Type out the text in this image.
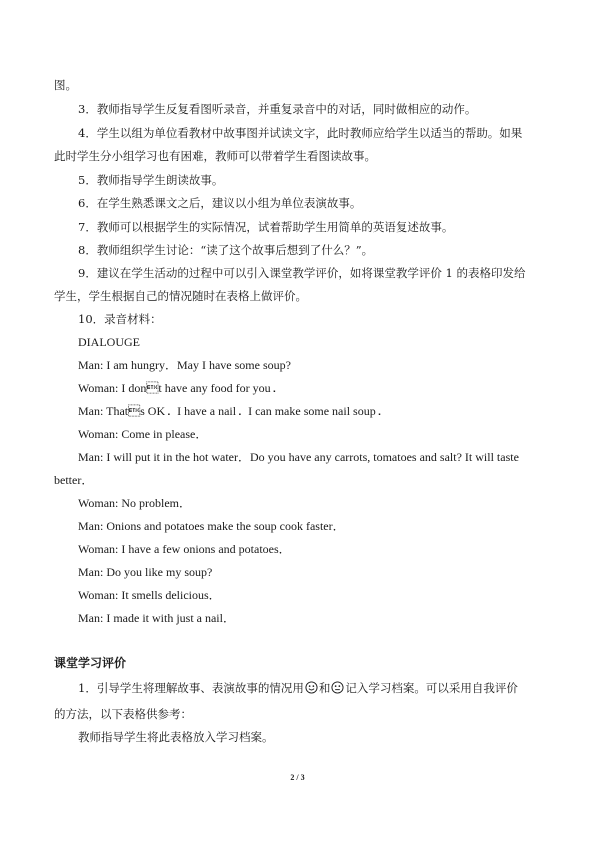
图。
3．教师指导学生反复看图听录音，并重复录音中的对话，同时做相应的动作。
4．学生以组为单位看教材中故事图并试读文字，此时教师应给学生以适当的帮助。如果
此时学生分小组学习也有困难，教师可以带着学生看图读故事。
5．教师指导学生朗读故事。
6．在学生熟悉课文之后，建议以小组为单位表演故事。
7．教师可以根据学生的实际情况，试着帮助学生用简单的英语复述故事。
8．教师组织学生讨论：“读了这个故事后想到了什么？”。
9．建议在学生活动的过程中可以引入课堂教学评价，如将课堂教学评价 1 的表格印发给
学生，学生根据自己的情况随时在表格上做评价。
10．录音材料：
DIALOUGE
Man: I am hungry．May I have some soup?
Woman: I dont have any food for you．
Man: Thats OK．I have a nail．I can make some nail soup．
Woman: Come in please．
Man: I will put it in the hot water．Do you have any carrots, tomatoes and salt? It will taste
better．
Woman: No problem．
Man: Onions and potatoes make the soup cook faster．
Woman: I have a few onions and potatoes．
Man: Do you like my soup?
Woman: It smells delicious．
Man: I made it with just a nail．
课堂学习评价
1．引导学生将理解故事、表演故事的情况用 和 记入学习档案。可以采用自我评价
的方法，以下表格供参考：
教师指导学生将此表格放入学习档案。
2 / 3
